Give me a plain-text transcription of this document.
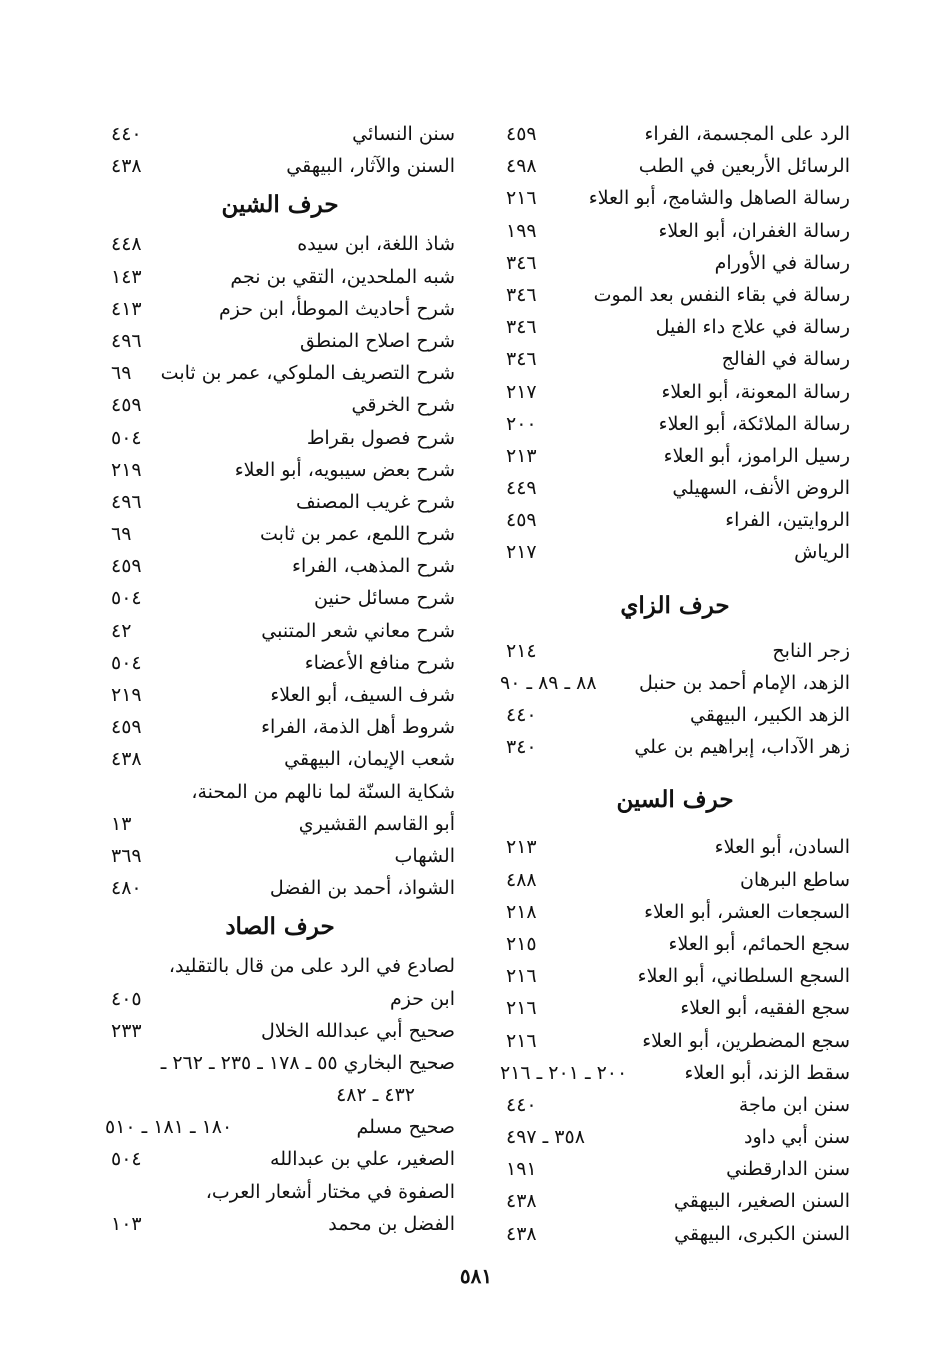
الرد على المجسمة، الفراء
٤٥٩
الرسائل الأربعين في الطب
٤٩٨
رسالة الصاهل والشامج، أبو العلاء
٢١٦
رسالة الغفران، أبو العلاء
١٩٩
رسالة في الأورام
٣٤٦
رسالة في بقاء النفس بعد الموت
٣٤٦
رسالة في علاج داء الفيل
٣٤٦
رسالة في الفالج
٣٤٦
رسالة المعونة، أبو العلاء
٢١٧
رسالة الملائكة، أبو العلاء
٢٠٠
رسيل الراموز، أبو العلاء
٢١٣
الروض الأنف، السهيلي
٤٤٩
الروايتين، الفراء
٤٥٩
الرياش
٢١٧
حرف الزاي
زجر النابح
٢١٤
الزهد، الإمام أحمد بن حنبل
٨٨ ـ ٨٩ ـ ٩٠
الزهد الكبير، البيهقي
٤٤٠
زهر الآداب، إبراهيم بن علي
٣٤٠
حرف السين
السادن، أبو العلاء
٢١٣
ساطع البرهان
٤٨٨
السجعات العشر، أبو العلاء
٢١٨
سجع الحمائم، أبو العلاء
٢١٥
السجع السلطاني، أبو العلاء
٢١٦
سجع الفقيه، أبو العلاء
٢١٦
سجع المضطرين، أبو العلاء
٢١٦
سقط الزند، أبو العلاء
٢٠٠ ـ ٢٠١ ـ ٢١٦
سنن ابن ماجة
٤٤٠
سنن أبي داود
٣٥٨ ـ ٤٩٧
سنن الدارقطني
١٩١
السنن الصغير، البيهقي
٤٣٨
السنن الكبرى، البيهقي
٤٣٨
سنن النسائي
٤٤٠
السنن والآثار، البيهقي
٤٣٨
حرف الشين
شاذ اللغة، ابن سيده
٤٤٨
شبه الملحدين، التقي بن نجم
١٤٣
شرح أحاديث الموطأ، ابن حزم
٤١٣
شرح اصلاح المنطق
٤٩٦
شرح التصريف الملوكي، عمر بن ثابت
٦٩
شرح الخرقي
٤٥٩
شرح فصول بقراط
٥٠٤
شرح بعض سيبويه، أبو العلاء
٢١٩
شرح غريب المصنف
٤٩٦
شرح اللمع، عمر بن ثابت
٦٩
شرح المذهب، الفراء
٤٥٩
شرح مسائل حنين
٥٠٤
شرح معاني شعر المتنبي
٤٢
شرح منافع الأعضاء
٥٠٤
شرف السيف، أبو العلاء
٢١٩
شروط أهل الذمة، الفراء
٤٥٩
شعب الإيمان، البيهقي
٤٣٨
شكاية السنّة لما نالهم من المحنة،
أبو القاسم القشيري
١٣
الشهاب
٣٦٩
الشواذ، أحمد بن الفضل
٤٨٠
حرف الصاد
لصادع في الرد على من قال بالتقليد،
ابن حزم
٤٠٥
صحيح أبي عبدالله الخلال
٢٣٣
صحيح البخاري ٥٥ ـ ١٧٨ ـ ٢٣٥ ـ ٢٦٢ ـ
٤٣٢ ـ ٤٨٢
صحيح مسلم
١٨٠ ـ ١٨١ ـ ٥١٠
الصغير، علي بن عبدالله
٥٠٤
الصفوة في مختار أشعار العرب،
الفضل بن محمد
١٠٣
٥٨١
